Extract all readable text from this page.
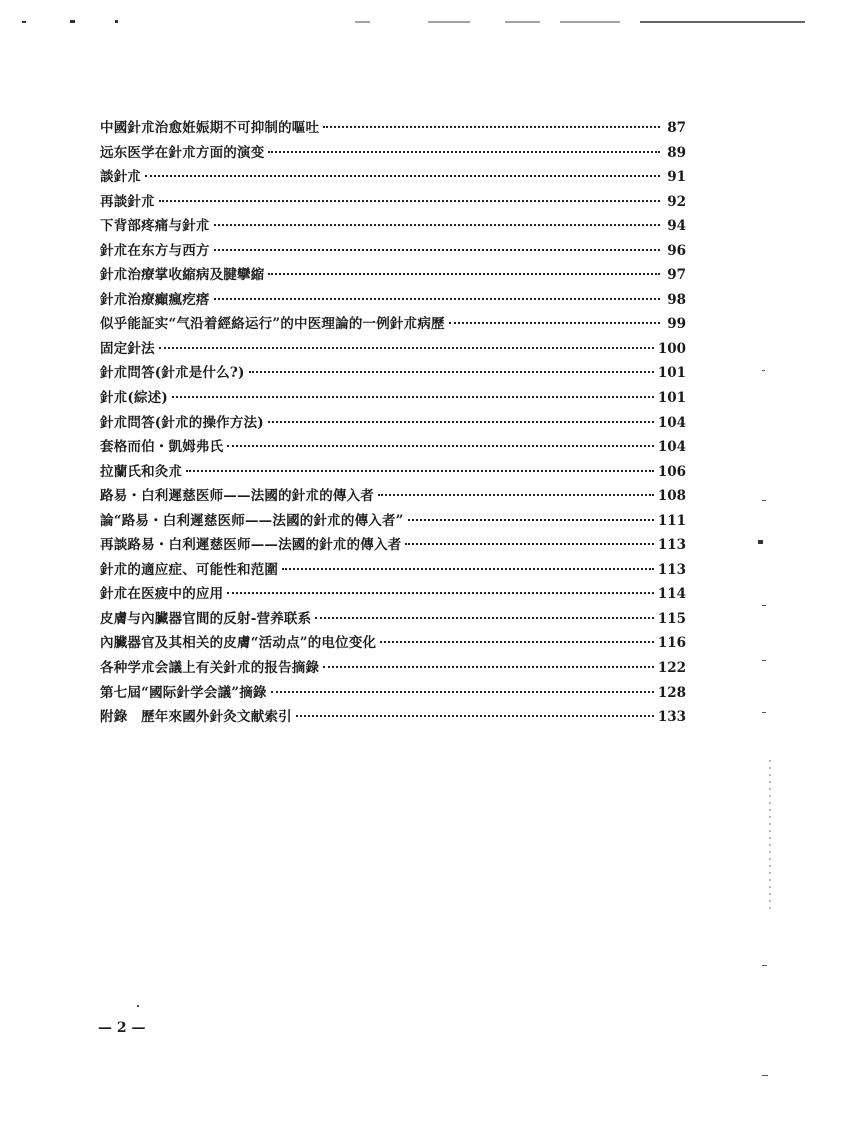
中國針朮治愈姙娠期不可抑制的嘔吐	87
远东医学在針朮方面的演变	89
談針朮	91
再談針朮	92
下背部疼痛与針朮	94
針朮在东方与西方	96
針朮治療掌收縮病及腱攣縮	97
針朮治療癲瘋疙瘩	98
似乎能証实“气沿着經絡运行”的中医理論的一例針朮病歷	99
固定針法	100
針朮問答(針朮是什么?)	101
針朮(綜述)	101
針朮問答(針朮的操作方法)	104
套格而伯・凱姆弗氏	104
拉蘭氏和灸朮	106
路易・白利遲慈医师——法國的針朮的傳入者	108
論“路易・白利遲慈医师——法國的針朮的傳入者”	111
再談路易・白利遲慈医师——法國的針朮的傳入者	113
針朮的適应症、可能性和范圍	113
針朮在医疲中的应用	114
皮膚与內臟器官間的反射-营养联系	115
內臟器官及其相关的皮膚“活动点”的电位变化	116
各种学朮会議上有关針朮的报告摘錄	122
第七屆“國际針学会議”摘錄	128
附錄　歷年來國外針灸文献索引	133
— 2 —
